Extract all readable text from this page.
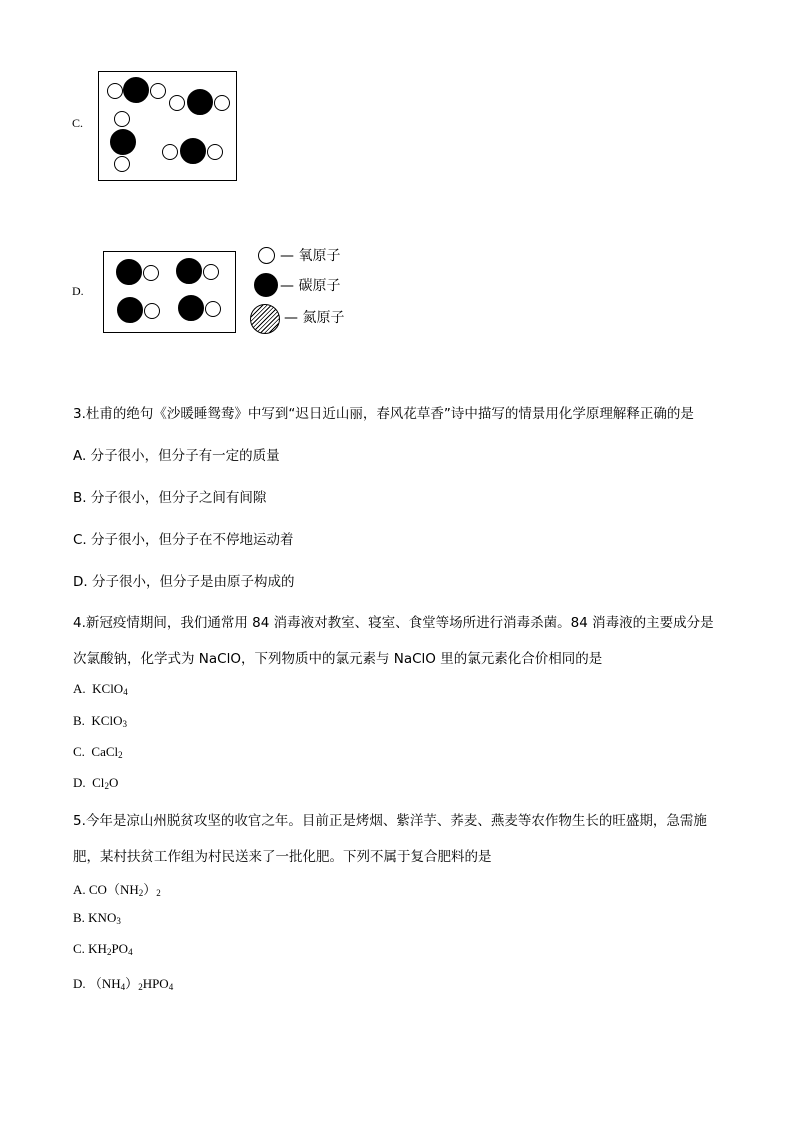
C.
D.
— 氧原子
— 碳原子
— 氮原子
3.杜甫的绝句《沙暖睡鸳鸯》中写到“迟日近山丽，春风花草香”诗中描写的情景用化学原理解释正确的是
A. 分子很小，但分子有一定的质量
B. 分子很小，但分子之间有间隙
C. 分子很小，但分子在不停地运动着
D. 分子很小，但分子是由原子构成的
4.新冠疫情期间，我们通常用 84 消毒液对教室、寝室、食堂等场所进行消毒杀菌。84 消毒液的主要成分是
次氯酸钠，化学式为 NaClO，下列物质中的氯元素与 NaClO 里的氯元素化合价相同的是
A. KClO$_4$
B. KClO$_3$
C. CaCl$_2$
D. $Cl_2O$
5.今年是凉山州脱贫攻坚的收官之年。目前正是烤烟、紫洋芋、荞麦、燕麦等农作物生长的旺盛期，急需施
肥，某村扶贫工作组为村民送来了一批化肥。下列不属于复合肥料的是
A. $CO(NH_2)_2$
B. $KNO_3$
C. $KH_2PO_4$
D. $(NH_4)_2HPO_4$
